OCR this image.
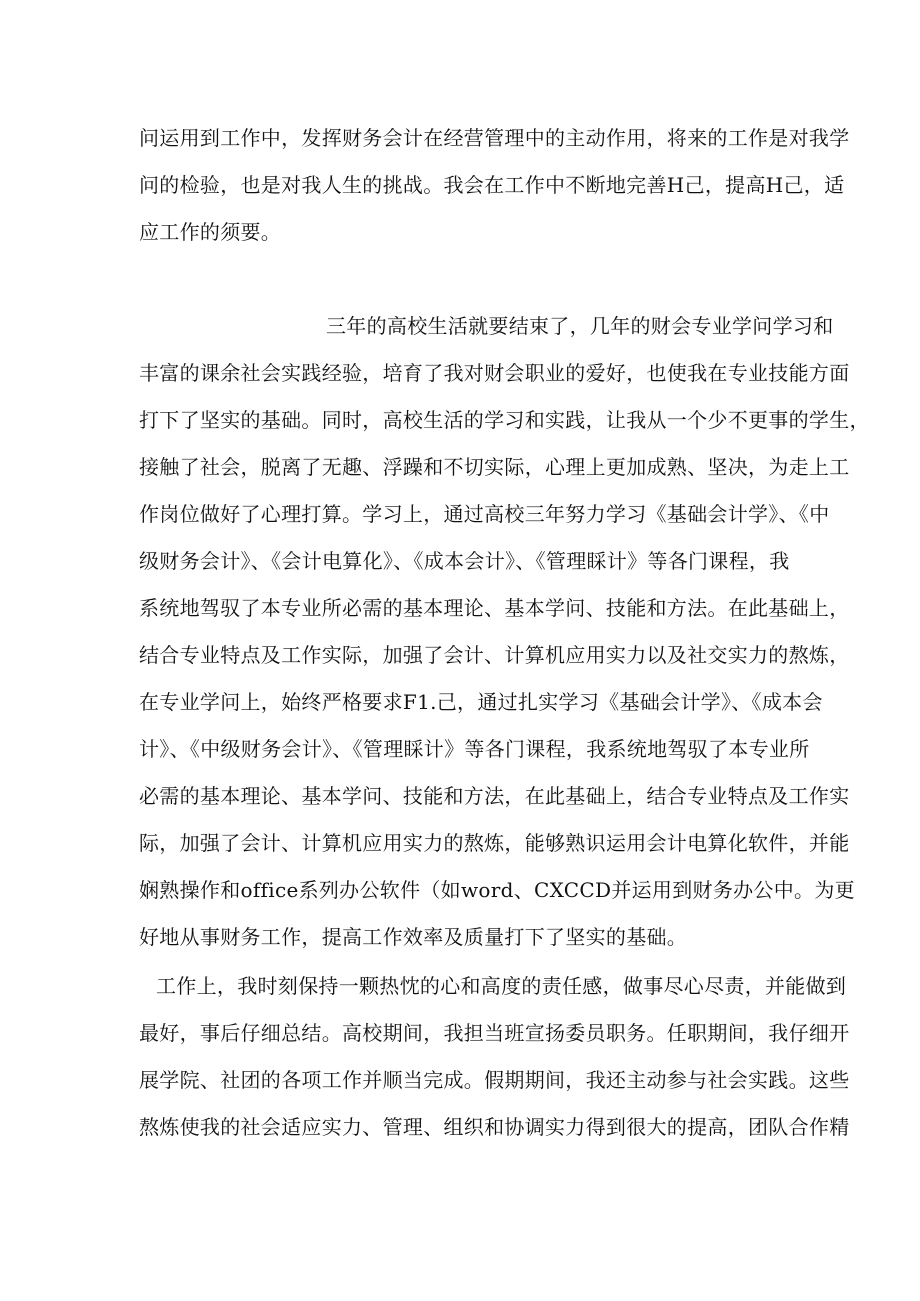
问运用到工作中，发挥财务会计在经营管理中的主动作用，将来的工作是对我学
问的检验，也是对我人生的挑战。我会在工作中不断地完善H己，提高H己，适
应工作的须要。
三年的高校生活就要结束了，几年的财会专业学问学习和
丰富的课余社会实践经验，培育了我对财会职业的爱好，也使我在专业技能方面
打下了坚实的基础。同时，高校生活的学习和实践，让我从一个少不更事的学生，
接触了社会，脱离了无趣、浮躁和不切实际，心理上更加成熟、坚决，为走上工
作岗位做好了心理打算。学习上，通过高校三年努力学习《基础会计学》、《中
级财务会计》、《会计电算化》、《成本会计》、《管理睬计》等各门课程，我
系统地驾驭了本专业所必需的基本理论、基本学问、技能和方法。在此基础上，
结合专业特点及工作实际，加强了会计、计算机应用实力以及社交实力的熬炼，
在专业学问上，始终严格要求F1.己，通过扎实学习《基础会计学》、《成本会
计》、《中级财务会计》、《管理睬计》等各门课程，我系统地驾驭了本专业所
必需的基本理论、基本学问、技能和方法，在此基础上，结合专业特点及工作实
际，加强了会计、计算机应用实力的熬炼，能够熟识运用会计电算化软件，并能
娴熟操作和office系列办公软件（如word、CXCCD并运用到财务办公中。为更
好地从事财务工作，提高工作效率及质量打下了坚实的基础。
工作上，我时刻保持一颗热忱的心和高度的责任感，做事尽心尽责，并能做到
最好，事后仔细总结。高校期间，我担当班宣扬委员职务。任职期间，我仔细开
展学院、社团的各项工作并顺当完成。假期期间，我还主动参与社会实践。这些
熬炼使我的社会适应实力、管理、组织和协调实力得到很大的提高，团队合作精
